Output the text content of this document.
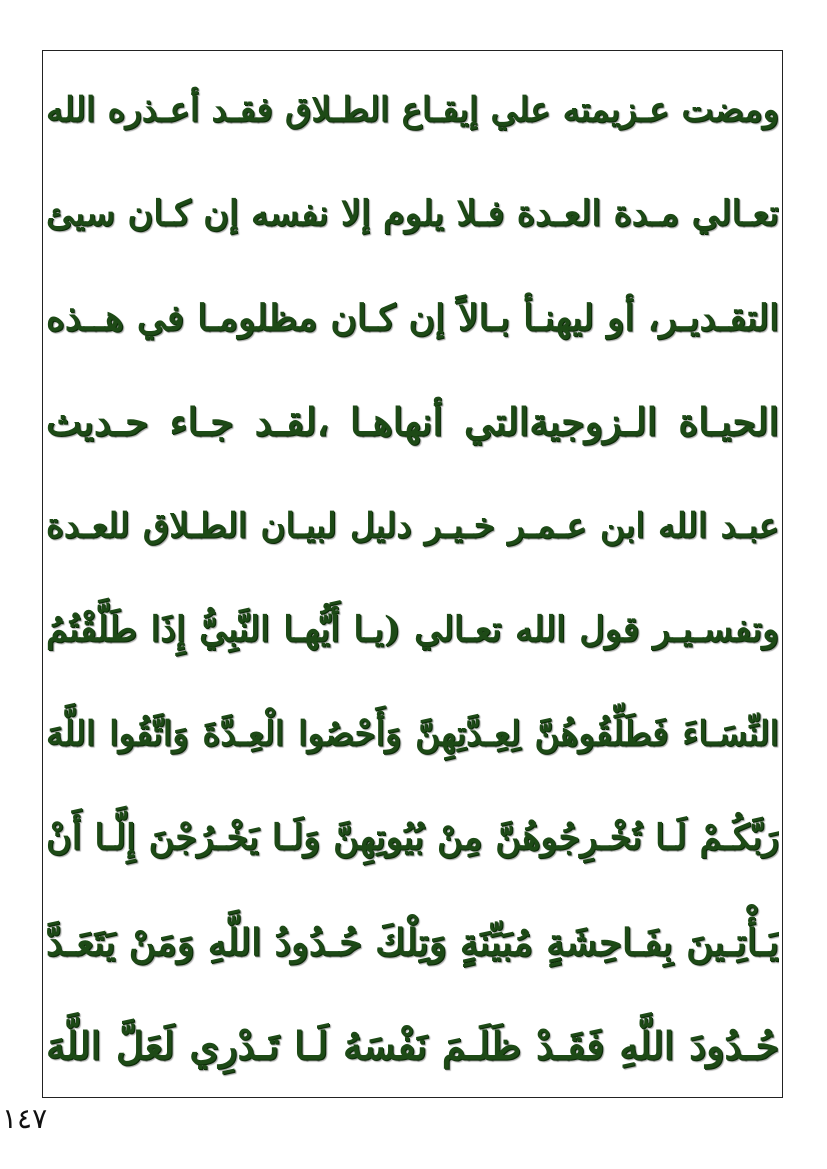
ومضت عـزيمته علي إيقـاع الطـلاق فقـد أعـذره الله
تعـالي مـدة العـدة فـلا يلوم إلا نفسه إن كـان سيئ
التقـديـر، أو ليهنـأ بـالاً إن كـان مظلومـا في هــذه
الحيـاة الـزوجيةالتي أنهاهـا ،لقـد جـاء حـديث
عبـد الله ابن عـمـر خـيـر دليل لبيـان الطـلاق للعـدة
وتفسـيـر قول الله تعـالي (يـا أَيُّهـا النَّبِيُّ إِذَا طَلَّقْتُمُ
النِّسَـاءَ فَطَلِّقُوهُنَّ لِعِـدَّتِهِنَّ وَأَحْصُوا الْعِـدَّةَ وَاتَّقُوا اللَّهَ
رَبَّكُـمْ لَـا تُخْـرِجُوهُنَّ مِنْ بُيُوتِهِنَّ وَلَـا يَخْـرُجْنَ إِلَّـا أَنْ
يَـأْتِـينَ بِفَـاحِشَةٍ مُبَيِّنَةٍ وَتِلْكَ حُـدُودُ اللَّهِ وَمَنْ يَتَعَـدَّ
حُـدُودَ اللَّهِ فَقَـدْ ظَلَـمَ نَفْسَهُ لَـا تَـدْرِي لَعَلَّ اللَّهَ
١٤٧
